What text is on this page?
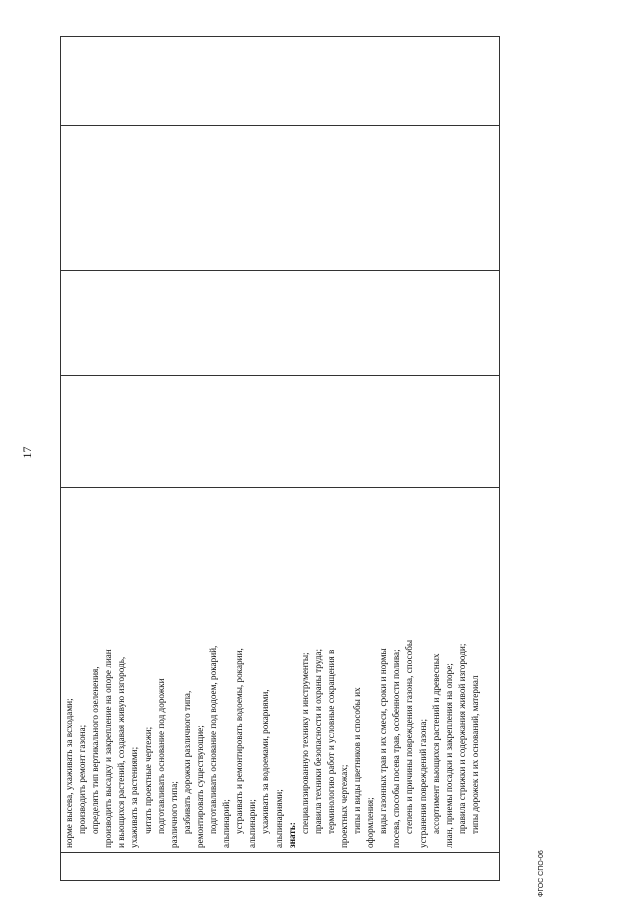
17

норме высева, ухаживать за всходами; производить ремонт газона; определять тип вертикального озеленения, производить высадку и закрепление на опоре лиан и вьющихся растений, создавая живую изгородь, ухаживать за растениями; читать проектные чертежи; подготавливать основание под дорожки различного типа; разбивать дорожки различного типа, ремонтировать существующие; подготавливать основание под водоем, рокарий, альпинарий; устраивать и ремонтировать водоемы, рокарии, альпинарии; ухаживать за водоемами, рокариями, альпинариями; знать:
специализированную технику и инструменты; правила техники безопасности и охраны труда; терминологию работ и условные сокращения в проектных чертежах; типы и виды цветников и способы их оформления; виды газонных трав и их смеси, сроки и нормы посева, способы посева трав, особенности полива; степень и причины повреждения газона, способы устранения повреждений газона; ассортимент вьющихся растений и древесных лиан, приемы посадки и закрепления на опоре; правила стрижки и содержания живой изгороди; типы дорожек и их оснований, материал

ФГОС СПО-06
